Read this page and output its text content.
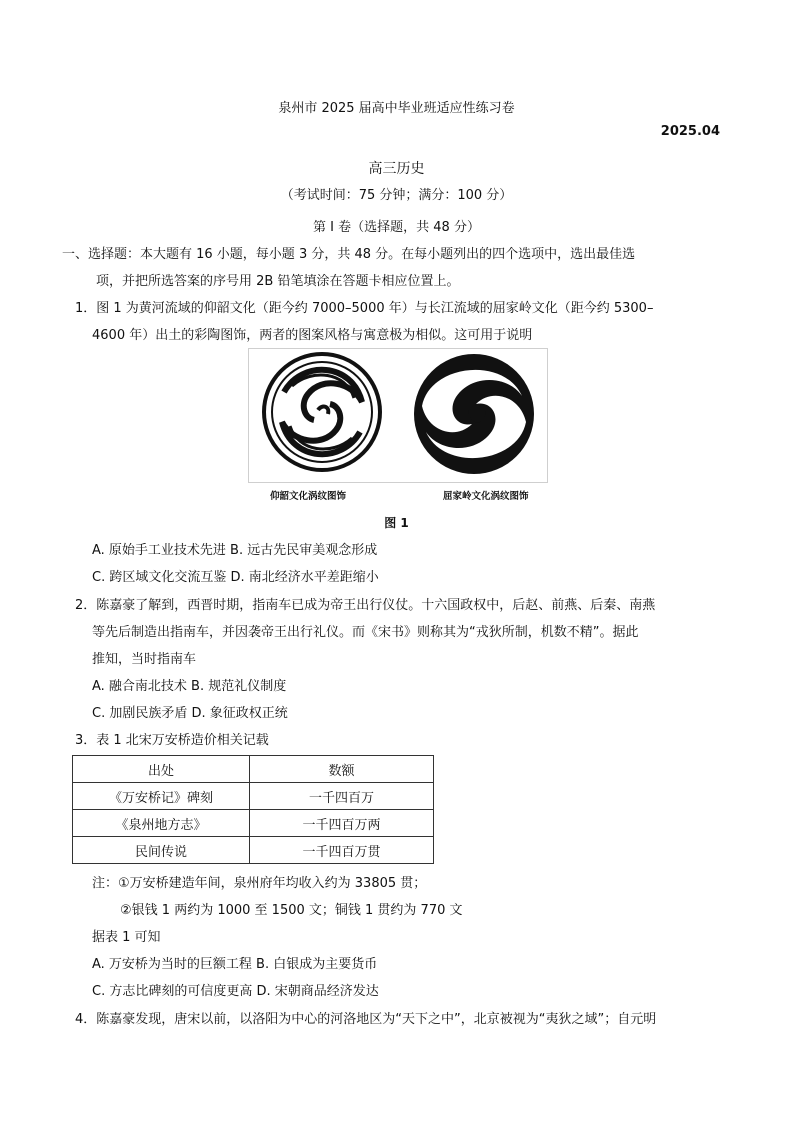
泉州市 2025 届高中毕业班适应性练习卷
2025.04
高三历史
（考试时间：75 分钟；满分：100 分）
第 I 卷（选择题，共 48 分）
一、选择题：本大题有 16 小题，每小题 3 分，共 48 分。在每小题列出的四个选项中，选出最佳选
项，并把所选答案的序号用 2B 铅笔填涂在答题卡相应位置上。
1．图 1 为黄河流域的仰韶文化（距今约 7000–5000 年）与长江流域的屈家岭文化（距今约 5300–
4600 年）出土的彩陶图饰，两者的图案风格与寓意极为相似。这可用于说明
仰韶文化涡纹图饰	屈家岭文化涡纹图饰
图 1
A. 原始手工业技术先进 B. 远古先民审美观念形成
C. 跨区域文化交流互鉴 D. 南北经济水平差距缩小
2．陈嘉豪了解到，西晋时期，指南车已成为帝王出行仪仗。十六国政权中，后赵、前燕、后秦、南燕
等先后制造出指南车，并因袭帝王出行礼仪。而《宋书》则称其为“戎狄所制，机数不精”。据此
推知，当时指南车
A. 融合南北技术 B. 规范礼仪制度
C. 加剧民族矛盾 D. 象征政权正统
3．表 1 北宋万安桥造价相关记载
出处	数额
《万安桥记》碑刻	一千四百万
《泉州地方志》	一千四百万两
民间传说	一千四百万贯
注：①万安桥建造年间，泉州府年均收入约为 33805 贯；
②银钱 1 两约为 1000 至 1500 文；铜钱 1 贯约为 770 文
据表 1 可知
A. 万安桥为当时的巨额工程 B. 白银成为主要货币
C. 方志比碑刻的可信度更高 D. 宋朝商品经济发达
4．陈嘉豪发现，唐宋以前，以洛阳为中心的河洛地区为“天下之中”，北京被视为“夷狄之域”；自元明
